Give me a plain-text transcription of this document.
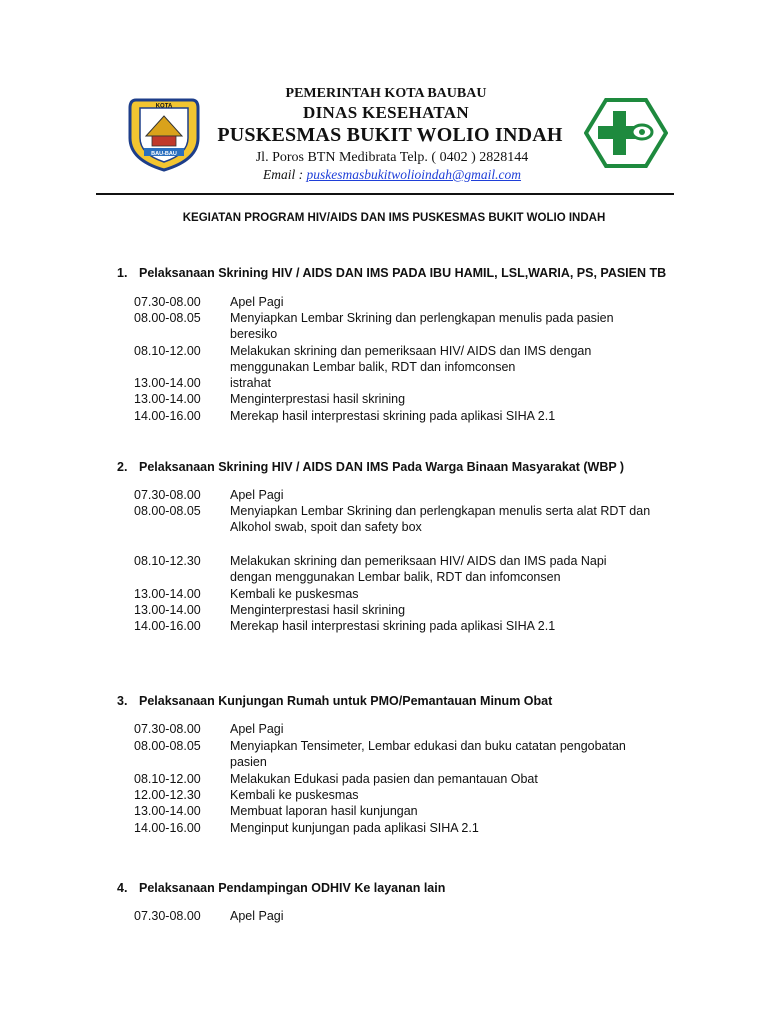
KOTA
BAU-BAU
PEMERINTAH KOTA BAUBAU
DINAS KESEHATAN
PUSKESMAS BUKIT WOLIO INDAH
Jl. Poros BTN Medibrata Telp. ( 0402 ) 2828144
Email : puskesmasbukitwolioindah@gmail.com
KEGIATAN PROGRAM HIV/AIDS DAN IMS PUSKESMAS BUKIT WOLIO INDAH
1. Pelaksanaan Skrining HIV / AIDS DAN IMS PADA IBU HAMIL, LSL,WARIA, PS, PASIEN TB
07.30-08.00 Apel Pagi
08.00-08.05 Menyiapkan Lembar Skrining dan perlengkapan menulis pada pasien beresiko
08.10-12.00 Melakukan skrining dan pemeriksaan HIV/ AIDS dan IMS dengan menggunakan Lembar balik, RDT dan infomconsen
13.00-14.00 istrahat
13.00-14.00 Menginterprestasi hasil skrining
14.00-16.00 Merekap hasil interprestasi skrining pada aplikasi SIHA 2.1
2. Pelaksanaan Skrining HIV / AIDS DAN IMS Pada Warga Binaan Masyarakat (WBP )
07.30-08.00 Apel Pagi
08.00-08.05 Menyiapkan Lembar Skrining dan perlengkapan menulis serta alat RDT dan Alkohol swab, spoit dan safety box
08.10-12.30 Melakukan skrining dan pemeriksaan HIV/ AIDS dan IMS pada Napi dengan menggunakan Lembar balik, RDT dan infomconsen
13.00-14.00 Kembali ke puskesmas
13.00-14.00 Menginterprestasi hasil skrining
14.00-16.00 Merekap hasil interprestasi skrining pada aplikasi SIHA 2.1
3. Pelaksanaan Kunjungan Rumah untuk PMO/Pemantauan Minum Obat
07.30-08.00 Apel Pagi
08.00-08.05 Menyiapkan Tensimeter, Lembar edukasi dan buku catatan pengobatan pasien
08.10-12.00 Melakukan Edukasi pada pasien dan pemantauan Obat
12.00-12.30 Kembali ke puskesmas
13.00-14.00 Membuat laporan hasil kunjungan
14.00-16.00 Menginput kunjungan pada aplikasi SIHA 2.1
4. Pelaksanaan Pendampingan ODHIV Ke layanan lain
07.30-08.00 Apel Pagi
